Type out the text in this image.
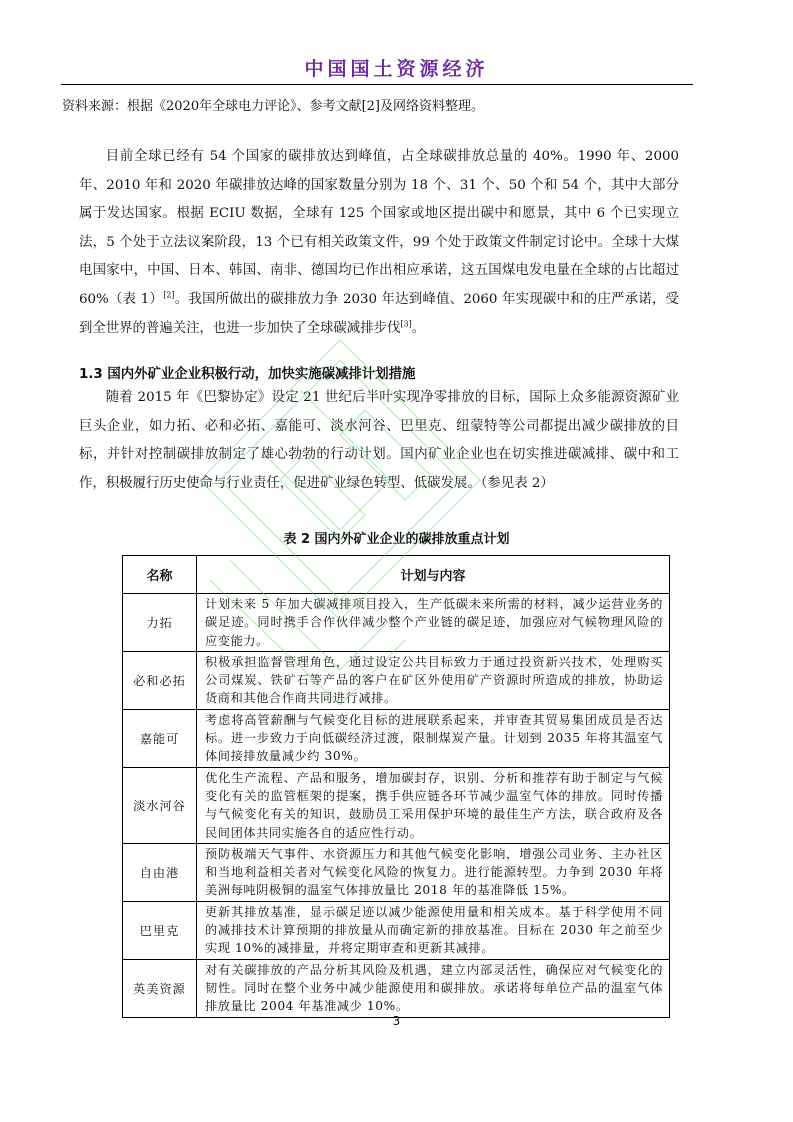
中国国土资源经济
资料来源：根据《2020年全球电力评论》、参考文献[2]及网络资料整理。

目前全球已经有 54 个国家的碳排放达到峰值，占全球碳排放总量的 40%。1990 年、2000 年、2010 年和 2020 年碳排放达峰的国家数量分别为 18 个、31 个、50 个和 54 个，其中大部分属于发达国家。根据 ECIU 数据，全球有 125 个国家或地区提出碳中和愿景，其中 6 个已实现立法，5 个处于立法议案阶段，13 个已有相关政策文件，99 个处于政策文件制定讨论中。全球十大煤电国家中，中国、日本、韩国、南非、德国均已作出相应承诺，这五国煤电发电量在全球的占比超过 60%（表 1）[2]。我国所做出的碳排放力争 2030 年达到峰值、2060 年实现碳中和的庄严承诺，受到全世界的普遍关注，也进一步加快了全球碳减排步伐[3]。

1.3 国内外矿业企业积极行动，加快实施碳减排计划措施

随着 2015 年《巴黎协定》设定 21 世纪后半叶实现净零排放的目标，国际上众多能源资源矿业巨头企业，如力拓、必和必拓、嘉能可、淡水河谷、巴里克、纽蒙特等公司都提出减少碳排放的目标，并针对控制碳排放制定了雄心勃勃的行动计划。国内矿业企业也在切实推进碳减排、碳中和工作，积极履行历史使命与行业责任，促进矿业绿色转型、低碳发展。（参见表 2）

表 2 国内外矿业企业的碳排放重点计划
名称	计划与内容
力拓	计划未来 5 年加大碳减排项目投入，生产低碳未来所需的材料，减少运营业务的碳足迹。同时携手合作伙伴减少整个产业链的碳足迹，加强应对气候物理风险的应变能力。
必和必拓	积极承担监督管理角色，通过设定公共目标致力于通过投资新兴技术，处理购买公司煤炭、铁矿石等产品的客户在矿区外使用矿产资源时所造成的排放，协助运货商和其他合作商共同进行减排。
嘉能可	考虑将高管薪酬与气候变化目标的进展联系起来，并审查其贸易集团成员是否达标。进一步致力于向低碳经济过渡，限制煤炭产量。计划到 2035 年将其温室气体间接排放量减少约 30%。
淡水河谷	优化生产流程、产品和服务，增加碳封存，识别、分析和推荐有助于制定与气候变化有关的监管框架的提案，携手供应链各环节减少温室气体的排放。同时传播与气候变化有关的知识，鼓励员工采用保护环境的最佳生产方法，联合政府及各民间团体共同实施各自的适应性行动。
自由港	预防极端天气事件、水资源压力和其他气候变化影响，增强公司业务、主办社区和当地利益相关者对气候变化风险的恢复力。进行能源转型。力争到 2030 年将美洲每吨阴极铜的温室气体排放量比 2018 年的基准降低 15%。
巴里克	更新其排放基准，显示碳足迹以减少能源使用量和相关成本。基于科学使用不同的减排技术计算预期的排放量从而确定新的排放基准。目标在 2030 年之前至少实现 10%的减排量，并将定期审查和更新其减排。
英美资源	对有关碳排放的产品分析其风险及机遇，建立内部灵活性，确保应对气候变化的韧性。同时在整个业务中减少能源使用和碳排放。承诺将每单位产品的温室气体排放量比 2004 年基准减少 10%。
3
